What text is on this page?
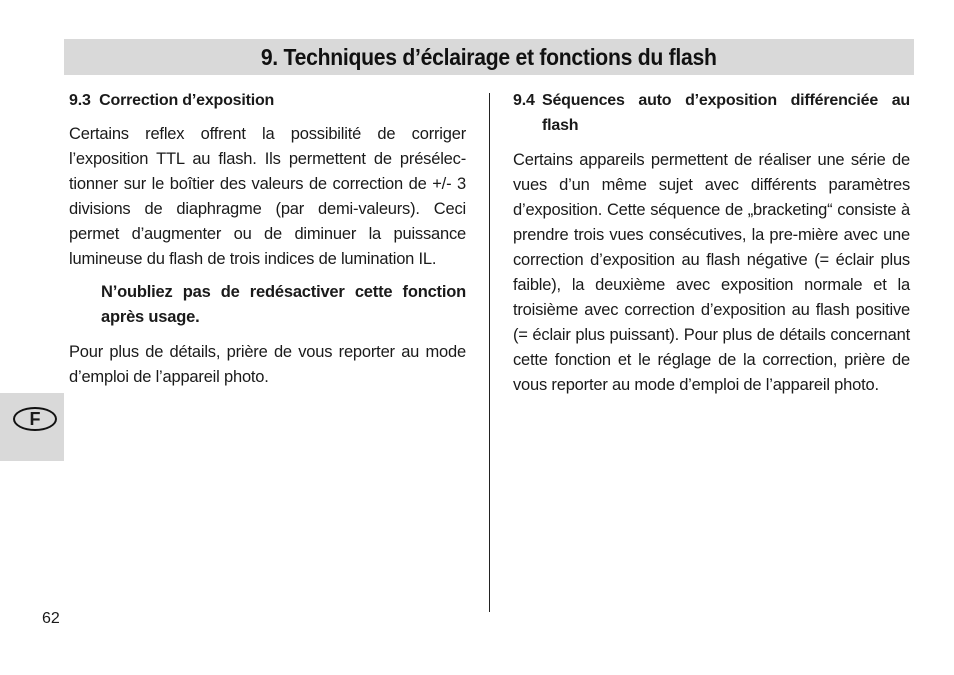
9. Techniques d’éclairage et fonctions du flash
9.3 Correction d’exposition

Certains reflex offrent la possibilité de corriger l’exposition TTL au flash. Ils permettent de présélec-tionner sur le boîtier des valeurs de correction de +/- 3 divisions de diaphragme (par demi-valeurs). Ceci permet d’augmenter ou de diminuer la puissance lumineuse du flash de trois indices de lumination IL.

N’oubliez pas de redésactiver cette fonction après usage.

Pour plus de détails, prière de vous reporter au mode d’emploi de l’appareil photo.

9.4 Séquences auto d’exposition différenciée au flash

Certains appareils permettent de réaliser une série de vues d’un même sujet avec différents paramètres d’exposition. Cette séquence de „bracketing“ consiste à prendre trois vues consécutives, la pre-mière avec une correction d’exposition au flash négative (= éclair plus faible), la deuxième avec exposition normale et la troisième avec correction d’exposition au flash positive (= éclair plus puissant). Pour plus de détails concernant cette fonction et le réglage de la correction, prière de vous reporter au mode d’emploi de l’appareil photo.

F
62
